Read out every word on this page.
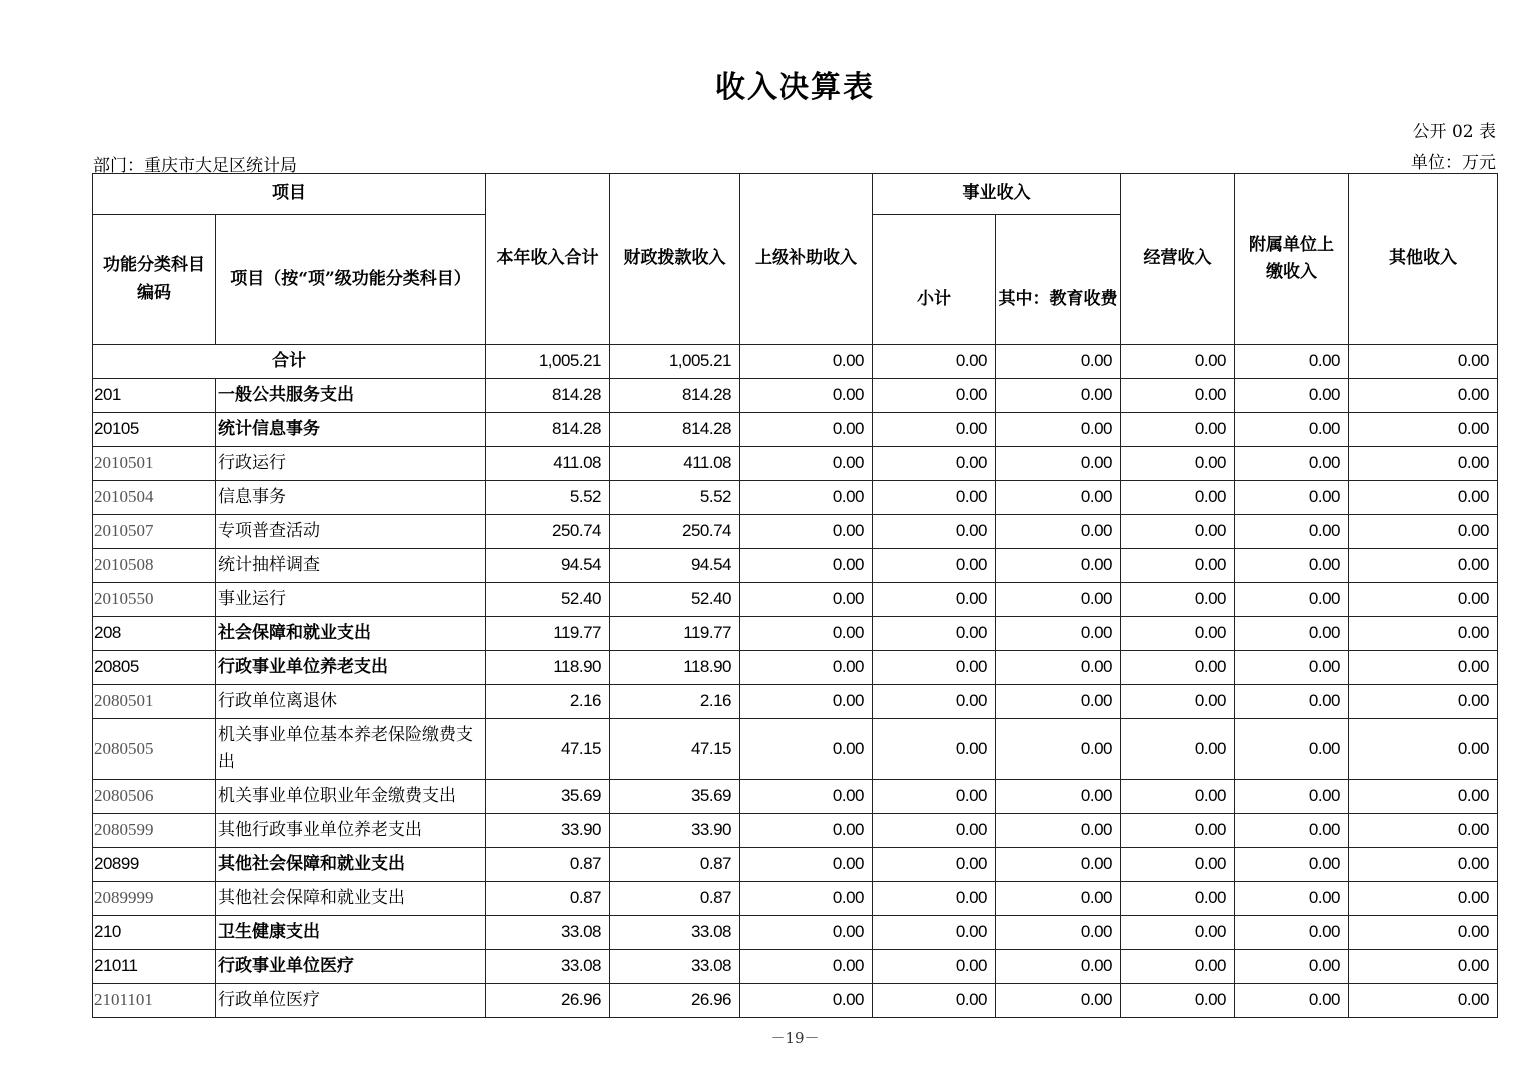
收入决算表
公开 02 表
部门：重庆市大足区统计局	单位：万元
项目		本年收入合计	财政拨款收入	上级补助收入	事业收入		经营收入	附属单位上缴收入	其他收入
功能分类科目编码	项目（按“项”级功能分类科目）				小计	其中：教育收费			
合计		1,005.21	1,005.21	0.00	0.00	0.00	0.00	0.00	0.00
201	一般公共服务支出	814.28	814.28	0.00	0.00	0.00	0.00	0.00	0.00
20105	统计信息事务	814.28	814.28	0.00	0.00	0.00	0.00	0.00	0.00
2010501	行政运行	411.08	411.08	0.00	0.00	0.00	0.00	0.00	0.00
2010504	信息事务	5.52	5.52	0.00	0.00	0.00	0.00	0.00	0.00
2010507	专项普查活动	250.74	250.74	0.00	0.00	0.00	0.00	0.00	0.00
2010508	统计抽样调查	94.54	94.54	0.00	0.00	0.00	0.00	0.00	0.00
2010550	事业运行	52.40	52.40	0.00	0.00	0.00	0.00	0.00	0.00
208	社会保障和就业支出	119.77	119.77	0.00	0.00	0.00	0.00	0.00	0.00
20805	行政事业单位养老支出	118.90	118.90	0.00	0.00	0.00	0.00	0.00	0.00
2080501	行政单位离退休	2.16	2.16	0.00	0.00	0.00	0.00	0.00	0.00
2080505	机关事业单位基本养老保险缴费支出	47.15	47.15	0.00	0.00	0.00	0.00	0.00	0.00
2080506	机关事业单位职业年金缴费支出	35.69	35.69	0.00	0.00	0.00	0.00	0.00	0.00
2080599	其他行政事业单位养老支出	33.90	33.90	0.00	0.00	0.00	0.00	0.00	0.00
20899	其他社会保障和就业支出	0.87	0.87	0.00	0.00	0.00	0.00	0.00	0.00
2089999	其他社会保障和就业支出	0.87	0.87	0.00	0.00	0.00	0.00	0.00	0.00
210	卫生健康支出	33.08	33.08	0.00	0.00	0.00	0.00	0.00	0.00
21011	行政事业单位医疗	33.08	33.08	0.00	0.00	0.00	0.00	0.00	0.00
2101101	行政单位医疗	26.96	26.96	0.00	0.00	0.00	0.00	0.00	0.00
－19－
